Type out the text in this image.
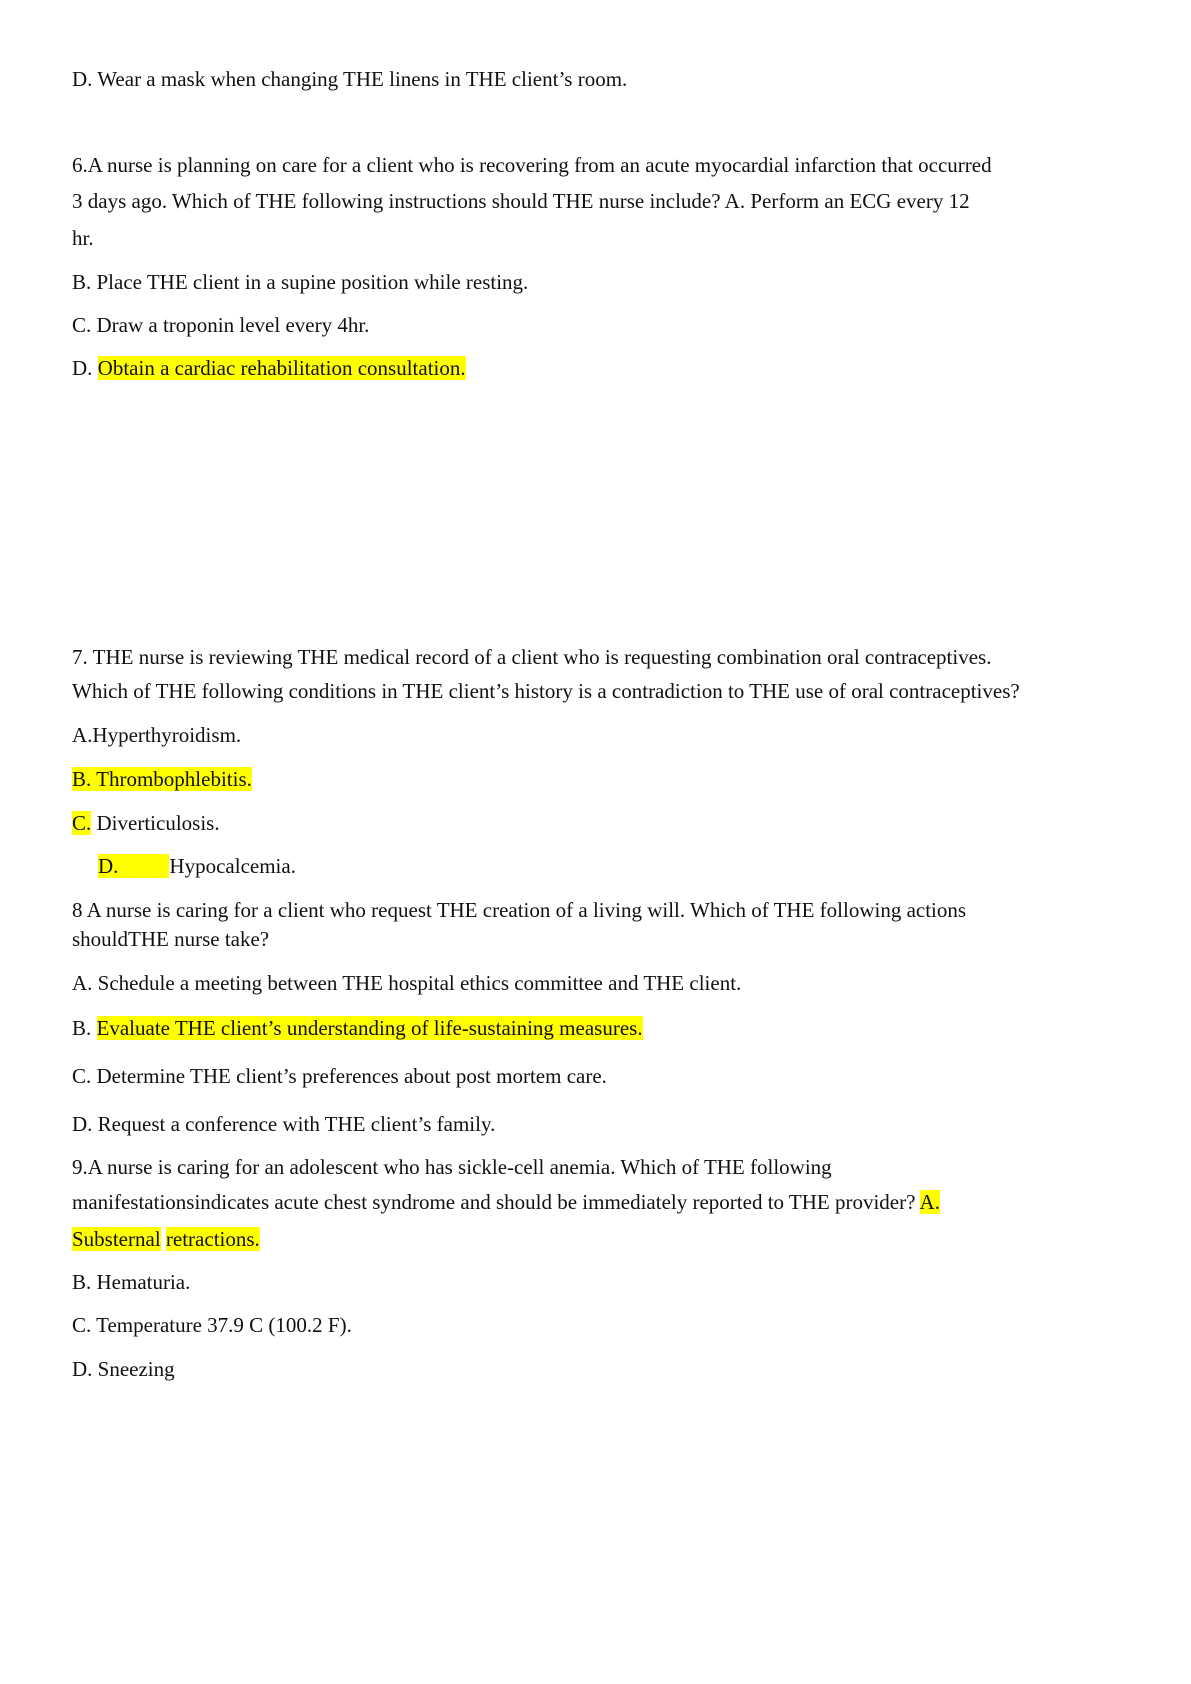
D. Wear a mask when changing THE linens in THE client’s room.
6.A nurse is planning on care for a client who is recovering from an acute myocardial infarction that occurred
3 days ago. Which of THE following instructions should THE nurse include? A. Perform an ECG every 12
hr.
B. Place THE client in a supine position while resting.
C. Draw a troponin level every 4hr.
D. Obtain a cardiac rehabilitation consultation.
7. THE nurse is reviewing THE medical record of a client who is requesting combination oral contraceptives.
Which of THE following conditions in THE client’s history is a contradiction to THE use of oral contraceptives?
A.Hyperthyroidism.
B. Thrombophlebitis.
C. Diverticulosis.
D. Hypocalcemia.
8 A nurse is caring for a client who request THE creation of a living will. Which of THE following actions
shouldTHE nurse take?
A. Schedule a meeting between THE hospital ethics committee and THE client.
B. Evaluate THE client’s understanding of life-sustaining measures.
C. Determine THE client’s preferences about post mortem care.
D. Request a conference with THE client’s family.
9.A nurse is caring for an adolescent who has sickle-cell anemia. Which of THE following
manifestationsindicates acute chest syndrome and should be immediately reported to THE provider? A.
Substernal retractions.
B. Hematuria.
C. Temperature 37.9 C (100.2 F).
D. Sneezing
